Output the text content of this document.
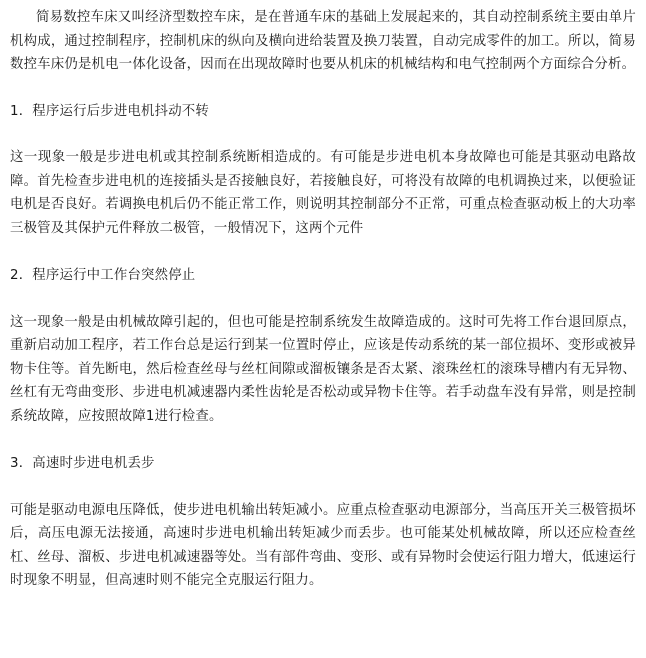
简易数控车床又叫经济型数控车床，是在普通车床的基础上发展起来的，其自动控制系统主要由单片机构成，通过控制程序，控制机床的纵向及横向进给装置及换刀装置，自动完成零件的加工。所以，简易数控车床仍是机电一体化设备，因而在出现故障时也要从机床的机械结构和电气控制两个方面综合分析。

1．程序运行后步进电机抖动不转

这一现象一般是步进电机或其控制系统断相造成的。有可能是步进电机本身故障也可能是其驱动电路故障。首先检查步进电机的连接插头是否接触良好，若接触良好，可将没有故障的电机调换过来，以便验证电机是否良好。若调换电机后仍不能正常工作，则说明其控制部分不正常，可重点检查驱动板上的大功率三极管及其保护元件释放二极管，一般情况下，这两个元件

2．程序运行中工作台突然停止

这一现象一般是由机械故障引起的，但也可能是控制系统发生故障造成的。这时可先将工作台退回原点，重新启动加工程序，若工作台总是运行到某一位置时停止，应该是传动系统的某一部位损坏、变形或被异物卡住等。首先断电，然后检查丝母与丝杠间隙或溜板镶条是否太紧、滚珠丝杠的滚珠导槽内有无异物、丝杠有无弯曲变形、步进电机减速器内柔性齿轮是否松动或异物卡住等。若手动盘车没有异常，则是控制系统故障，应按照故障1进行检查。

3．高速时步进电机丢步

可能是驱动电源电压降低，使步进电机输出转矩减小。应重点检查驱动电源部分，当高压开关三极管损坏后，高压电源无法接通，高速时步进电机输出转矩减少而丢步。也可能某处机械故障，所以还应检查丝杠、丝母、溜板、步进电机减速器等处。当有部件弯曲、变形、或有异物时会使运行阻力增大，低速运行时现象不明显，但高速时则不能完全克服运行阻力。
